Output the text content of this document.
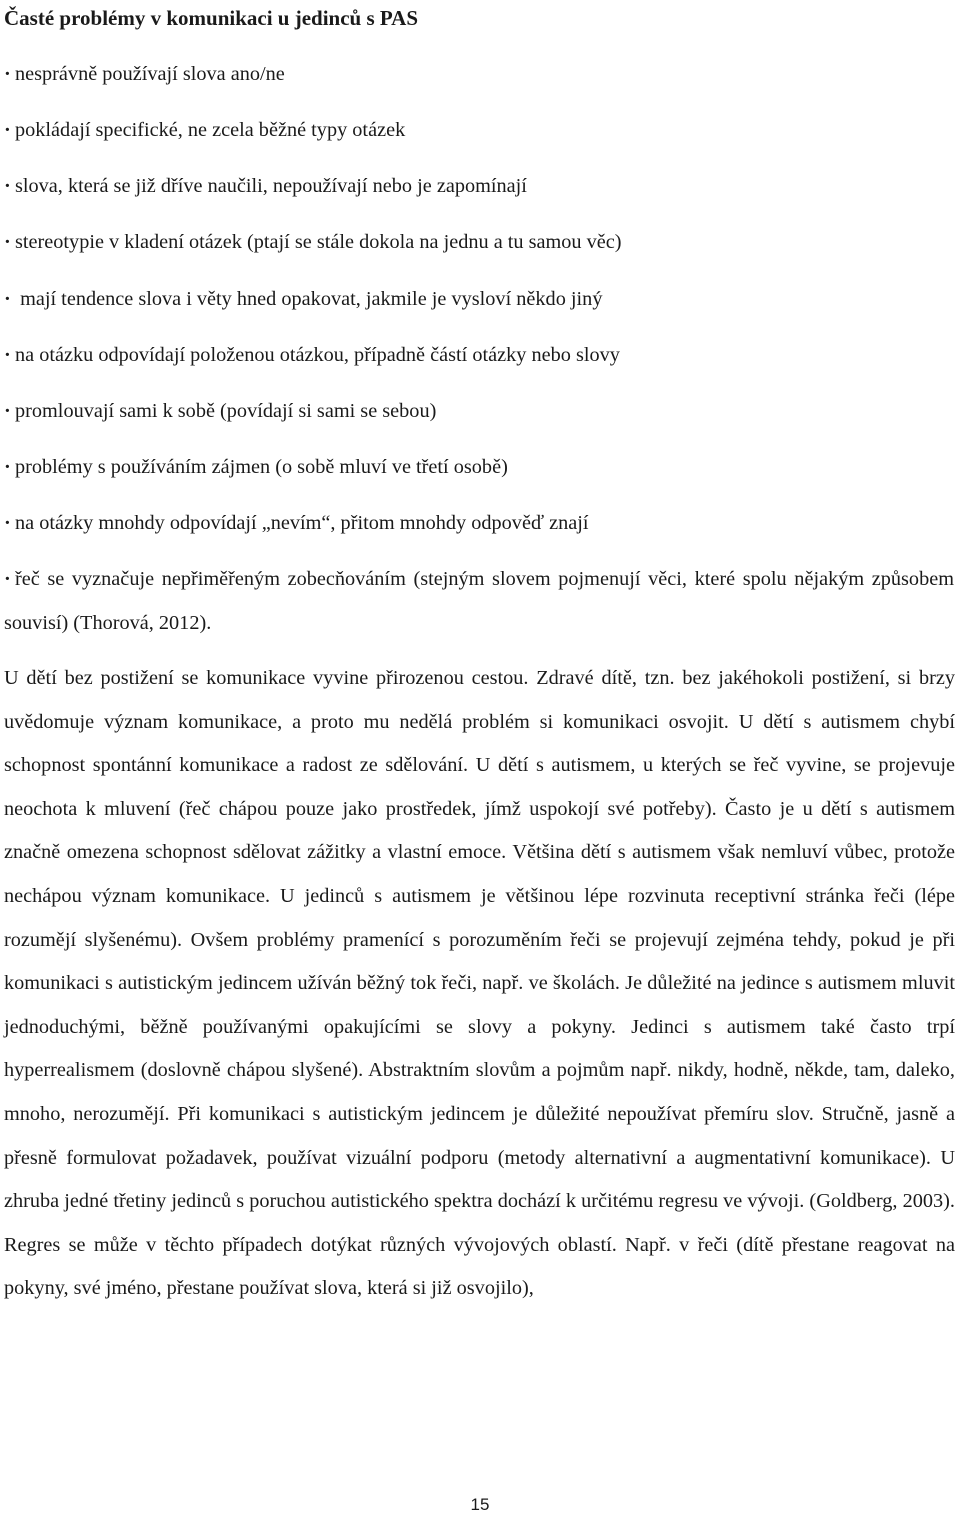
Časté problémy v komunikaci u jedinců s PAS
· nesprávně používají slova ano/ne
· pokládají specifické, ne zcela běžné typy otázek
· slova, která se již dříve naučili, nepoužívají nebo je zapomínají
· stereotypie v kladení otázek (ptají se stále dokola na jednu a tu samou věc)
· mají tendence slova i věty hned opakovat, jakmile je vysloví někdo jiný
· na otázku odpovídají položenou otázkou, případně částí otázky nebo slovy
· promlouvají sami k sobě (povídají si sami se sebou)
· problémy s používáním zájmen (o sobě mluví ve třetí osobě)
· na otázky mnohdy odpovídají „nevím“, přitom mnohdy odpověď znají
· řeč se vyznačuje nepřiměřeným zobecňováním (stejným slovem pojmenují věci, které spolu nějakým způsobem souvisí) (Thorová, 2012).

U dětí bez postižení se komunikace vyvine přirozenou cestou. Zdravé dítě, tzn. bez jakéhokoli postižení, si brzy uvědomuje význam komunikace, a proto mu nedělá problém si komunikaci osvojit. U dětí s autismem chybí schopnost spontánní komunikace a radost ze sdělování. U dětí s autismem, u kterých se řeč vyvine, se projevuje neochota k mluvení (řeč chápou pouze jako prostředek, jímž uspokojí své potřeby). Často je u dětí s autismem značně omezena schopnost sdělovat zážitky a vlastní emoce. Většina dětí s autismem však nemluví vůbec, protože nechápou význam komunikace. U jedinců s autismem je většinou lépe rozvinuta receptivní stránka řeči (lépe rozumějí slyšenému). Ovšem problémy pramenící s porozuměním řeči se projevují zejména tehdy, pokud je při komunikaci s autistickým jedincem užíván běžný tok řeči, např. ve školách. Je důležité na jedince s autismem mluvit jednoduchými, běžně používanými opakujícími se slovy a pokyny. Jedinci s autismem také často trpí hyperrealismem (doslovně chápou slyšené). Abstraktním slovům a pojmům např. nikdy, hodně, někde, tam, daleko, mnoho, nerozumějí. Při komunikaci s autistickým jedincem je důležité nepoužívat přemíru slov. Stručně, jasně a přesně formulovat požadavek, používat vizuální podporu (metody alternativní a augmentativní komunikace). U zhruba jedné třetiny jedinců s poruchou autistického spektra dochází k určitému regresu ve vývoji. (Goldberg, 2003). Regres se může v těchto případech dotýkat různých vývojových oblastí. Např. v řeči (dítě přestane reagovat na pokyny, své jméno, přestane používat slova, která si již osvojilo),

15
